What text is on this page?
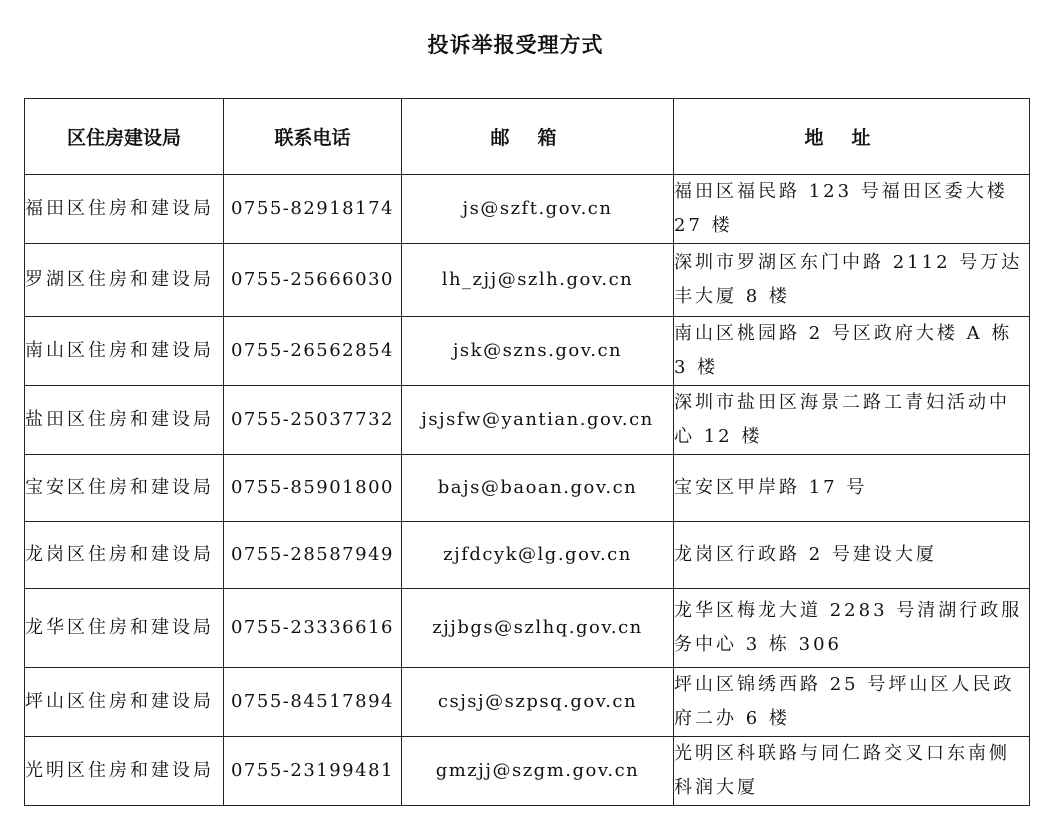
投诉举报受理方式
区住房建设局	联系电话	邮箱	地址
福田区住房和建设局	0755-82918174	js@szft.gov.cn	福田区福民路 123 号福田区委大楼 27 楼
罗湖区住房和建设局	0755-25666030	lh_zjj@szlh.gov.cn	深圳市罗湖区东门中路 2112 号万达丰大厦 8 楼
南山区住房和建设局	0755-26562854	jsk@szns.gov.cn	南山区桃园路 2 号区政府大楼 A 栋 3 楼
盐田区住房和建设局	0755-25037732	jsjsfw@yantian.gov.cn	深圳市盐田区海景二路工青妇活动中心 12 楼
宝安区住房和建设局	0755-85901800	bajs@baoan.gov.cn	宝安区甲岸路 17 号
龙岗区住房和建设局	0755-28587949	zjfdcyk@lg.gov.cn	龙岗区行政路 2 号建设大厦
龙华区住房和建设局	0755-23336616	zjjbgs@szlhq.gov.cn	龙华区梅龙大道 2283 号清湖行政服务中心 3 栋 306
坪山区住房和建设局	0755-84517894	csjsj@szpsq.gov.cn	坪山区锦绣西路 25 号坪山区人民政府二办 6 楼
光明区住房和建设局	0755-23199481	gmzjj@szgm.gov.cn	光明区科联路与同仁路交叉口东南侧科润大厦
